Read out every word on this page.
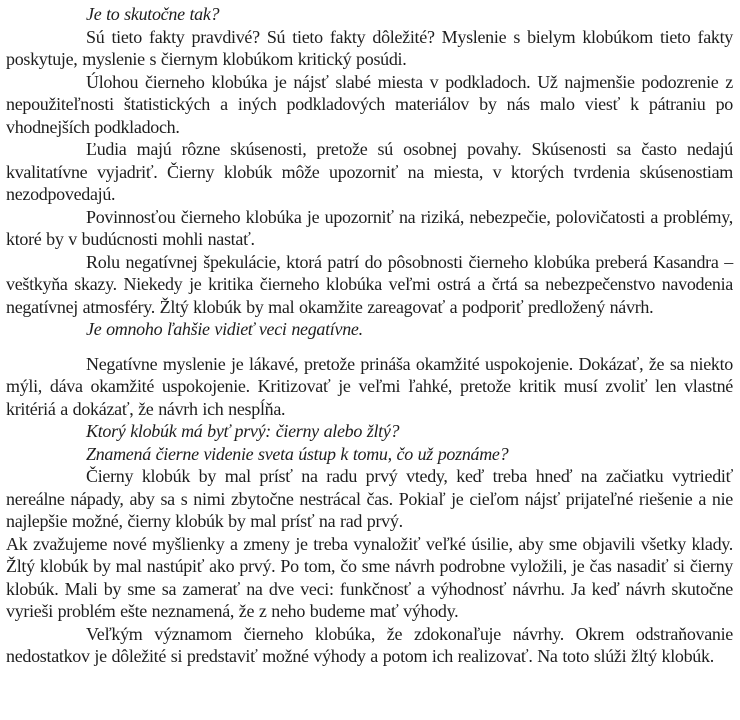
Je to skutočne tak?

Sú tieto fakty pravdivé? Sú tieto fakty dôležité? Myslenie s bielym klobúkom tieto fakty poskytuje, myslenie s čiernym klobúkom kritický posúdi.

Úlohou čierneho klobúka je nájsť slabé miesta v podkladoch. Už najmenšie podozrenie z nepoužiteľnosti štatistických a iných podkladových materiálov by nás malo viesť k pátraniu po vhodnejších podkladoch.

Ľudia majú rôzne skúsenosti, pretože sú osobnej povahy. Skúsenosti sa často nedajú kvalitatívne vyjadriť. Čierny klobúk môže upozorniť na miesta, v ktorých tvrdenia skúsenostiam nezodpovedajú.

Povinnosťou čierneho klobúka je upozorniť na riziká, nebezpečie, polovičatosti a problémy, ktoré by v budúcnosti mohli nastať.

Rolu negatívnej špekulácie, ktorá patrí do pôsobnosti čierneho klobúka preberá Kasandra – veštkyňa skazy. Niekedy je kritika čierneho klobúka veľmi ostrá a črtá sa nebezpečenstvo navodenia negatívnej atmosféry. Žltý klobúk by mal okamžite zareagovať a podporiť predložený návrh.

Je omnoho ľahšie vidieť veci negatívne.

Negatívne myslenie je lákavé, pretože prináša okamžité uspokojenie. Dokázať, že sa niekto mýli, dáva okamžité uspokojenie. Kritizovať je veľmi ľahké, pretože kritik musí zvoliť len vlastné kritériá a dokázať, že návrh ich nespĺňa.

Ktorý klobúk má byť prvý: čierny alebo žltý?

Znamená čierne videnie sveta ústup k tomu, čo už poznáme?

Čierny klobúk by mal prísť na radu prvý vtedy, keď treba hneď na začiatku vytriediť nereálne nápady, aby sa s nimi zbytočne nestrácal čas. Pokiaľ je cieľom nájsť prijateľné riešenie a nie najlepšie možné, čierny klobúk by mal prísť na rad prvý.

Ak zvažujeme nové myšlienky a zmeny je treba vynaložiť veľké úsilie, aby sme objavili všetky klady. Žltý klobúk by mal nastúpiť ako prvý. Po tom, čo sme návrh podrobne vyložili, je čas nasadiť si čierny klobúk. Mali by sme sa zamerať na dve veci: funkčnosť a výhodnosť návrhu. Ja keď návrh skutočne vyrieši problém ešte neznamená, že z neho budeme mať výhody.

Veľkým významom čierneho klobúka, že zdokonaľuje návrhy. Okrem odstraňovanie nedostatkov je dôležité si predstaviť možné výhody a potom ich realizovať. Na toto slúži žltý klobúk.
